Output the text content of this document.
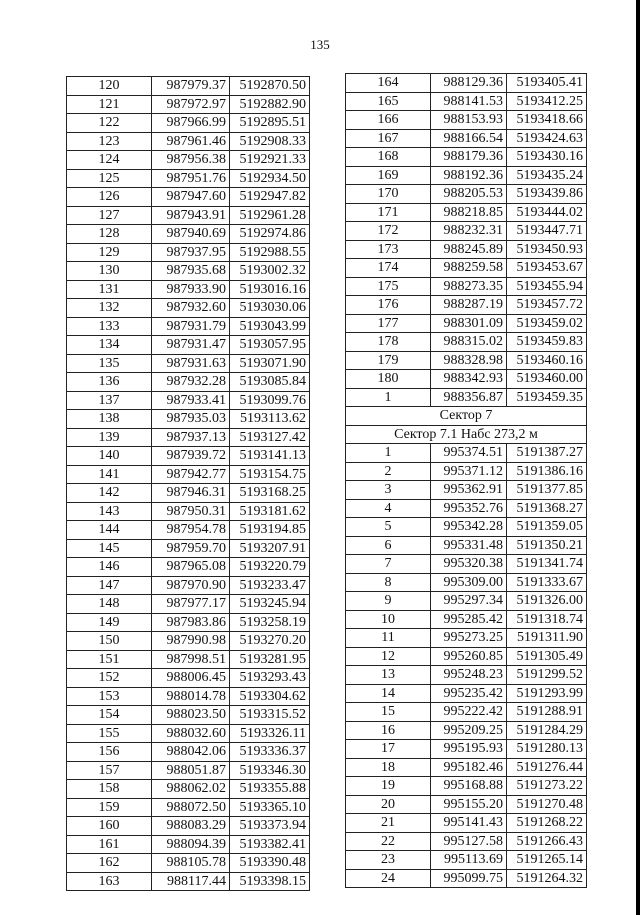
135
120	987979.37	5192870.50
121	987972.97	5192882.90
122	987966.99	5192895.51
123	987961.46	5192908.33
124	987956.38	5192921.33
125	987951.76	5192934.50
126	987947.60	5192947.82
127	987943.91	5192961.28
128	987940.69	5192974.86
129	987937.95	5192988.55
130	987935.68	5193002.32
131	987933.90	5193016.16
132	987932.60	5193030.06
133	987931.79	5193043.99
134	987931.47	5193057.95
135	987931.63	5193071.90
136	987932.28	5193085.84
137	987933.41	5193099.76
138	987935.03	5193113.62
139	987937.13	5193127.42
140	987939.72	5193141.13
141	987942.77	5193154.75
142	987946.31	5193168.25
143	987950.31	5193181.62
144	987954.78	5193194.85
145	987959.70	5193207.91
146	987965.08	5193220.79
147	987970.90	5193233.47
148	987977.17	5193245.94
149	987983.86	5193258.19
150	987990.98	5193270.20
151	987998.51	5193281.95
152	988006.45	5193293.43
153	988014.78	5193304.62
154	988023.50	5193315.52
155	988032.60	5193326.11
156	988042.06	5193336.37
157	988051.87	5193346.30
158	988062.02	5193355.88
159	988072.50	5193365.10
160	988083.29	5193373.94
161	988094.39	5193382.41
162	988105.78	5193390.48
163	988117.44	5193398.15
164	988129.36	5193405.41
165	988141.53	5193412.25
166	988153.93	5193418.66
167	988166.54	5193424.63
168	988179.36	5193430.16
169	988192.36	5193435.24
170	988205.53	5193439.86
171	988218.85	5193444.02
172	988232.31	5193447.71
173	988245.89	5193450.93
174	988259.58	5193453.67
175	988273.35	5193455.94
176	988287.19	5193457.72
177	988301.09	5193459.02
178	988315.02	5193459.83
179	988328.98	5193460.16
180	988342.93	5193460.00
1	988356.87	5193459.35
Сектор 7		
Сектор 7.1 Набс 273,2 м		
1	995374.51	5191387.27
2	995371.12	5191386.16
3	995362.91	5191377.85
4	995352.76	5191368.27
5	995342.28	5191359.05
6	995331.48	5191350.21
7	995320.38	5191341.74
8	995309.00	5191333.67
9	995297.34	5191326.00
10	995285.42	5191318.74
11	995273.25	5191311.90
12	995260.85	5191305.49
13	995248.23	5191299.52
14	995235.42	5191293.99
15	995222.42	5191288.91
16	995209.25	5191284.29
17	995195.93	5191280.13
18	995182.46	5191276.44
19	995168.88	5191273.22
20	995155.20	5191270.48
21	995141.43	5191268.22
22	995127.58	5191266.43
23	995113.69	5191265.14
24	995099.75	5191264.32
